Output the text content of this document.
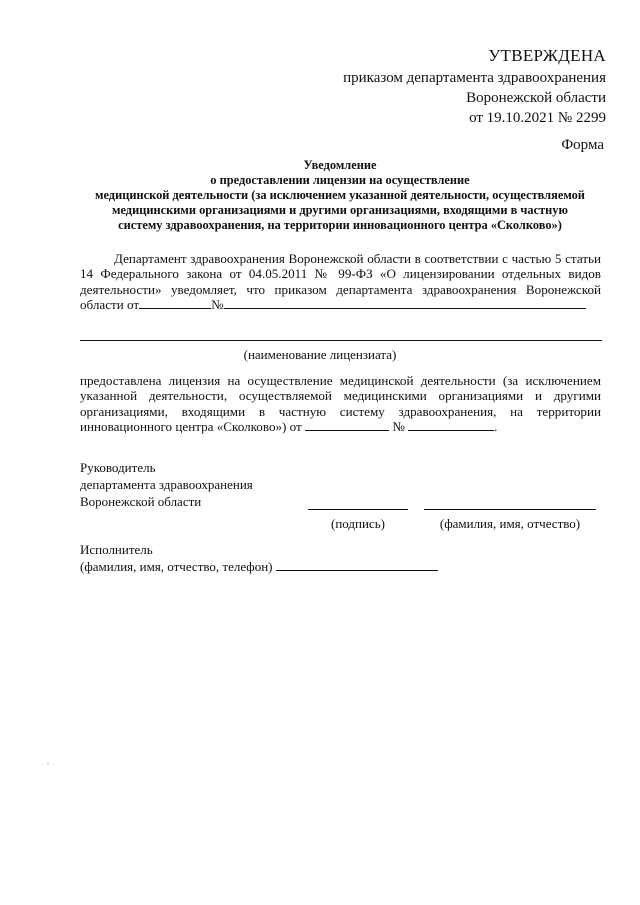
УТВЕРЖДЕНА
приказом департамента здравоохранения
Воронежской области
от 19.10.2021 № 2299
Форма
Уведомление
о предоставлении лицензии на осуществление
медицинской деятельности (за исключением указанной деятельности, осуществляемой
медицинскими организациями и другими организациями, входящими в частную
систему здравоохранения, на территории инновационного центра «Сколково»)
Департамент здравоохранения Воронежской области в соответствии с частью 5 статьи
14 Федерального закона от 04.05.2011 № 99-ФЗ «О лицензировании отдельных видов
деятельности» уведомляет, что приказом департамента здравоохранения Воронежской
области от	№
(наименование лицензиата)
предоставлена лицензия на осуществление медицинской деятельности (за исключением
указанной деятельности, осуществляемой медицинскими организациями и другими
организациями, входящими в частную систему здравоохранения, на территории
инновационного центра «Сколково») от	№	.
Руководитель
департамента здравоохранения
Воронежской области
(подпись)	(фамилия, имя, отчество)
Исполнитель
(фамилия, имя, отчество, телефон)
